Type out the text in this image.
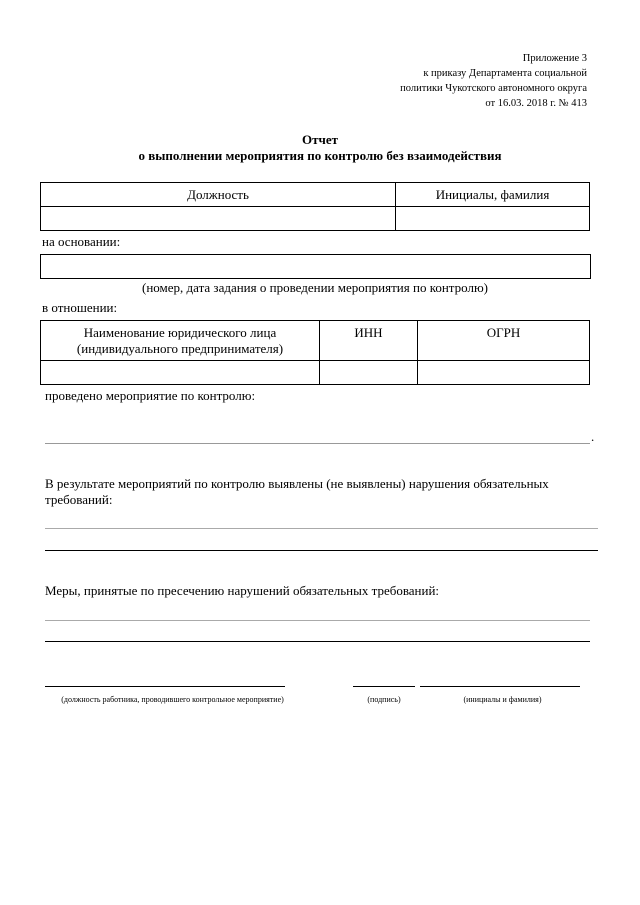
Приложение 3
к приказу Департамента социальной
политики Чукотского автономного округа
от 16.03. 2018 г. № 413
Отчет
о выполнении мероприятия по контролю без взаимодействия
Должность	Инициалы, фамилия

на основании:
(номер, дата задания о проведении мероприятия по контролю)
в отношении:
Наименование юридического лица
(индивидуального предпринимателя)	ИНН	ОГРН

проведено мероприятие по контролю:
.
В результате мероприятий по контролю выявлены (не выявлены) нарушения обязательных требований:
Меры, принятые по пресечению нарушений обязательных требований:
(должность работника, проводившего контрольное мероприятие)	(подпись)	(инициалы и фамилия)
